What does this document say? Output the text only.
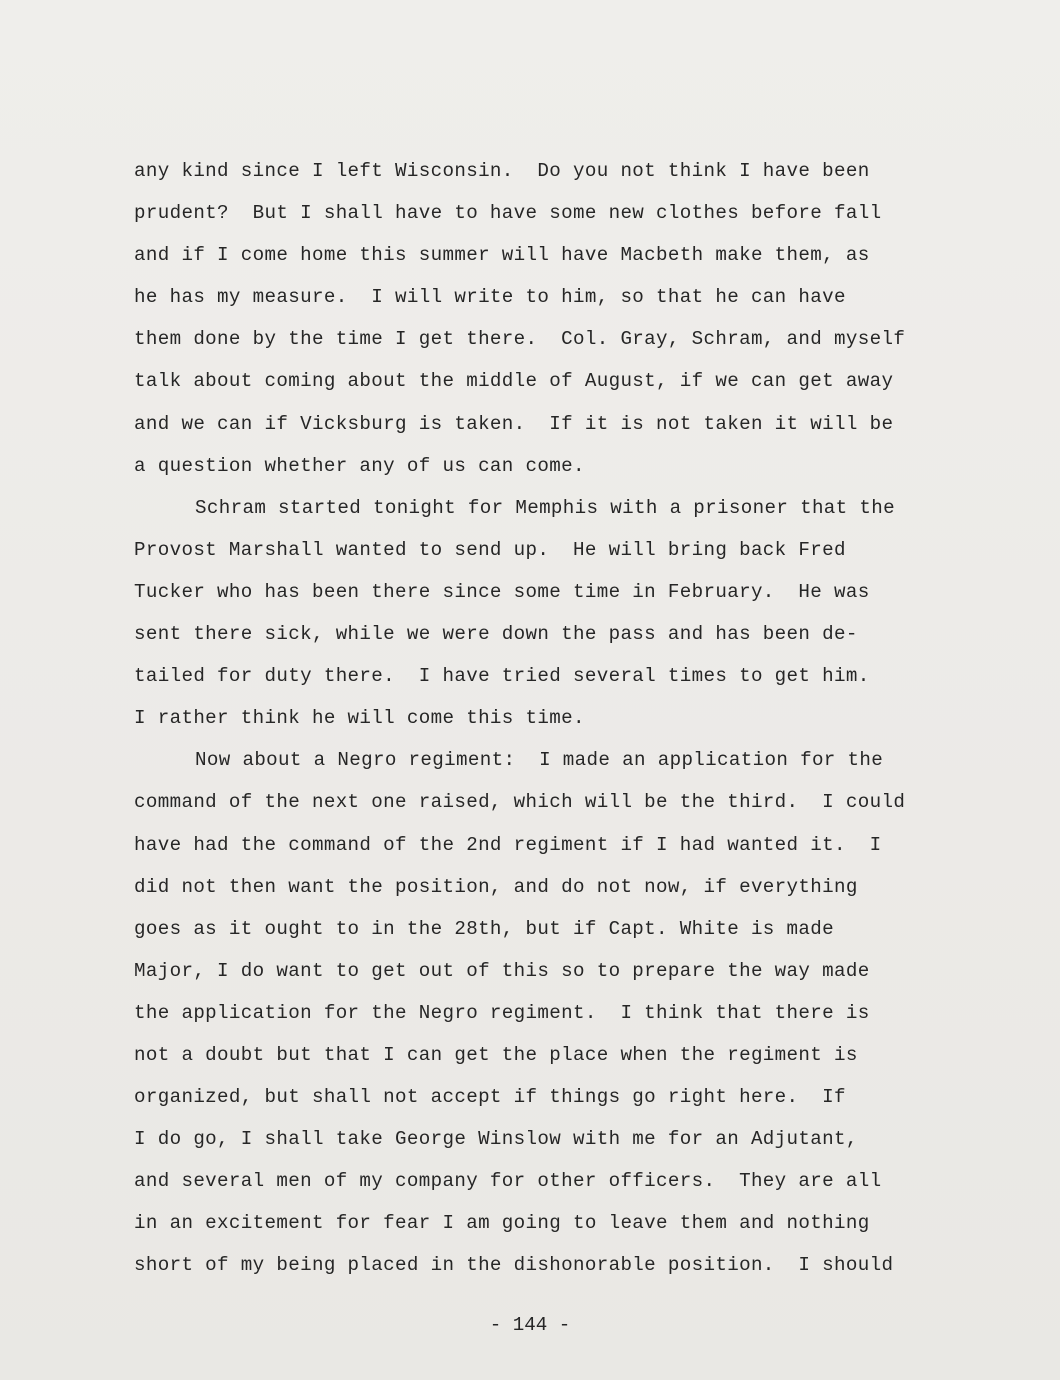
any kind since I left Wisconsin.  Do you not think I have been
prudent?  But I shall have to have some new clothes before fall
and if I come home this summer will have Macbeth make them, as
he has my measure.  I will write to him, so that he can have
them done by the time I get there.  Col. Gray, Schram, and myself
talk about coming about the middle of August, if we can get away
and we can if Vicksburg is taken.  If it is not taken it will be
a question whether any of us can come.
Schram started tonight for Memphis with a prisoner that the
Provost Marshall wanted to send up.  He will bring back Fred
Tucker who has been there since some time in February.  He was
sent there sick, while we were down the pass and has been de-
tailed for duty there.  I have tried several times to get him.
I rather think he will come this time.
Now about a Negro regiment:  I made an application for the
command of the next one raised, which will be the third.  I could
have had the command of the 2nd regiment if I had wanted it.  I
did not then want the position, and do not now, if everything
goes as it ought to in the 28th, but if Capt. White is made
Major, I do want to get out of this so to prepare the way made
the application for the Negro regiment.  I think that there is
not a doubt but that I can get the place when the regiment is
organized, but shall not accept if things go right here.  If
I do go, I shall take George Winslow with me for an Adjutant,
and several men of my company for other officers.  They are all
in an excitement for fear I am going to leave them and nothing
short of my being placed in the dishonorable position.  I should
- 144 -
